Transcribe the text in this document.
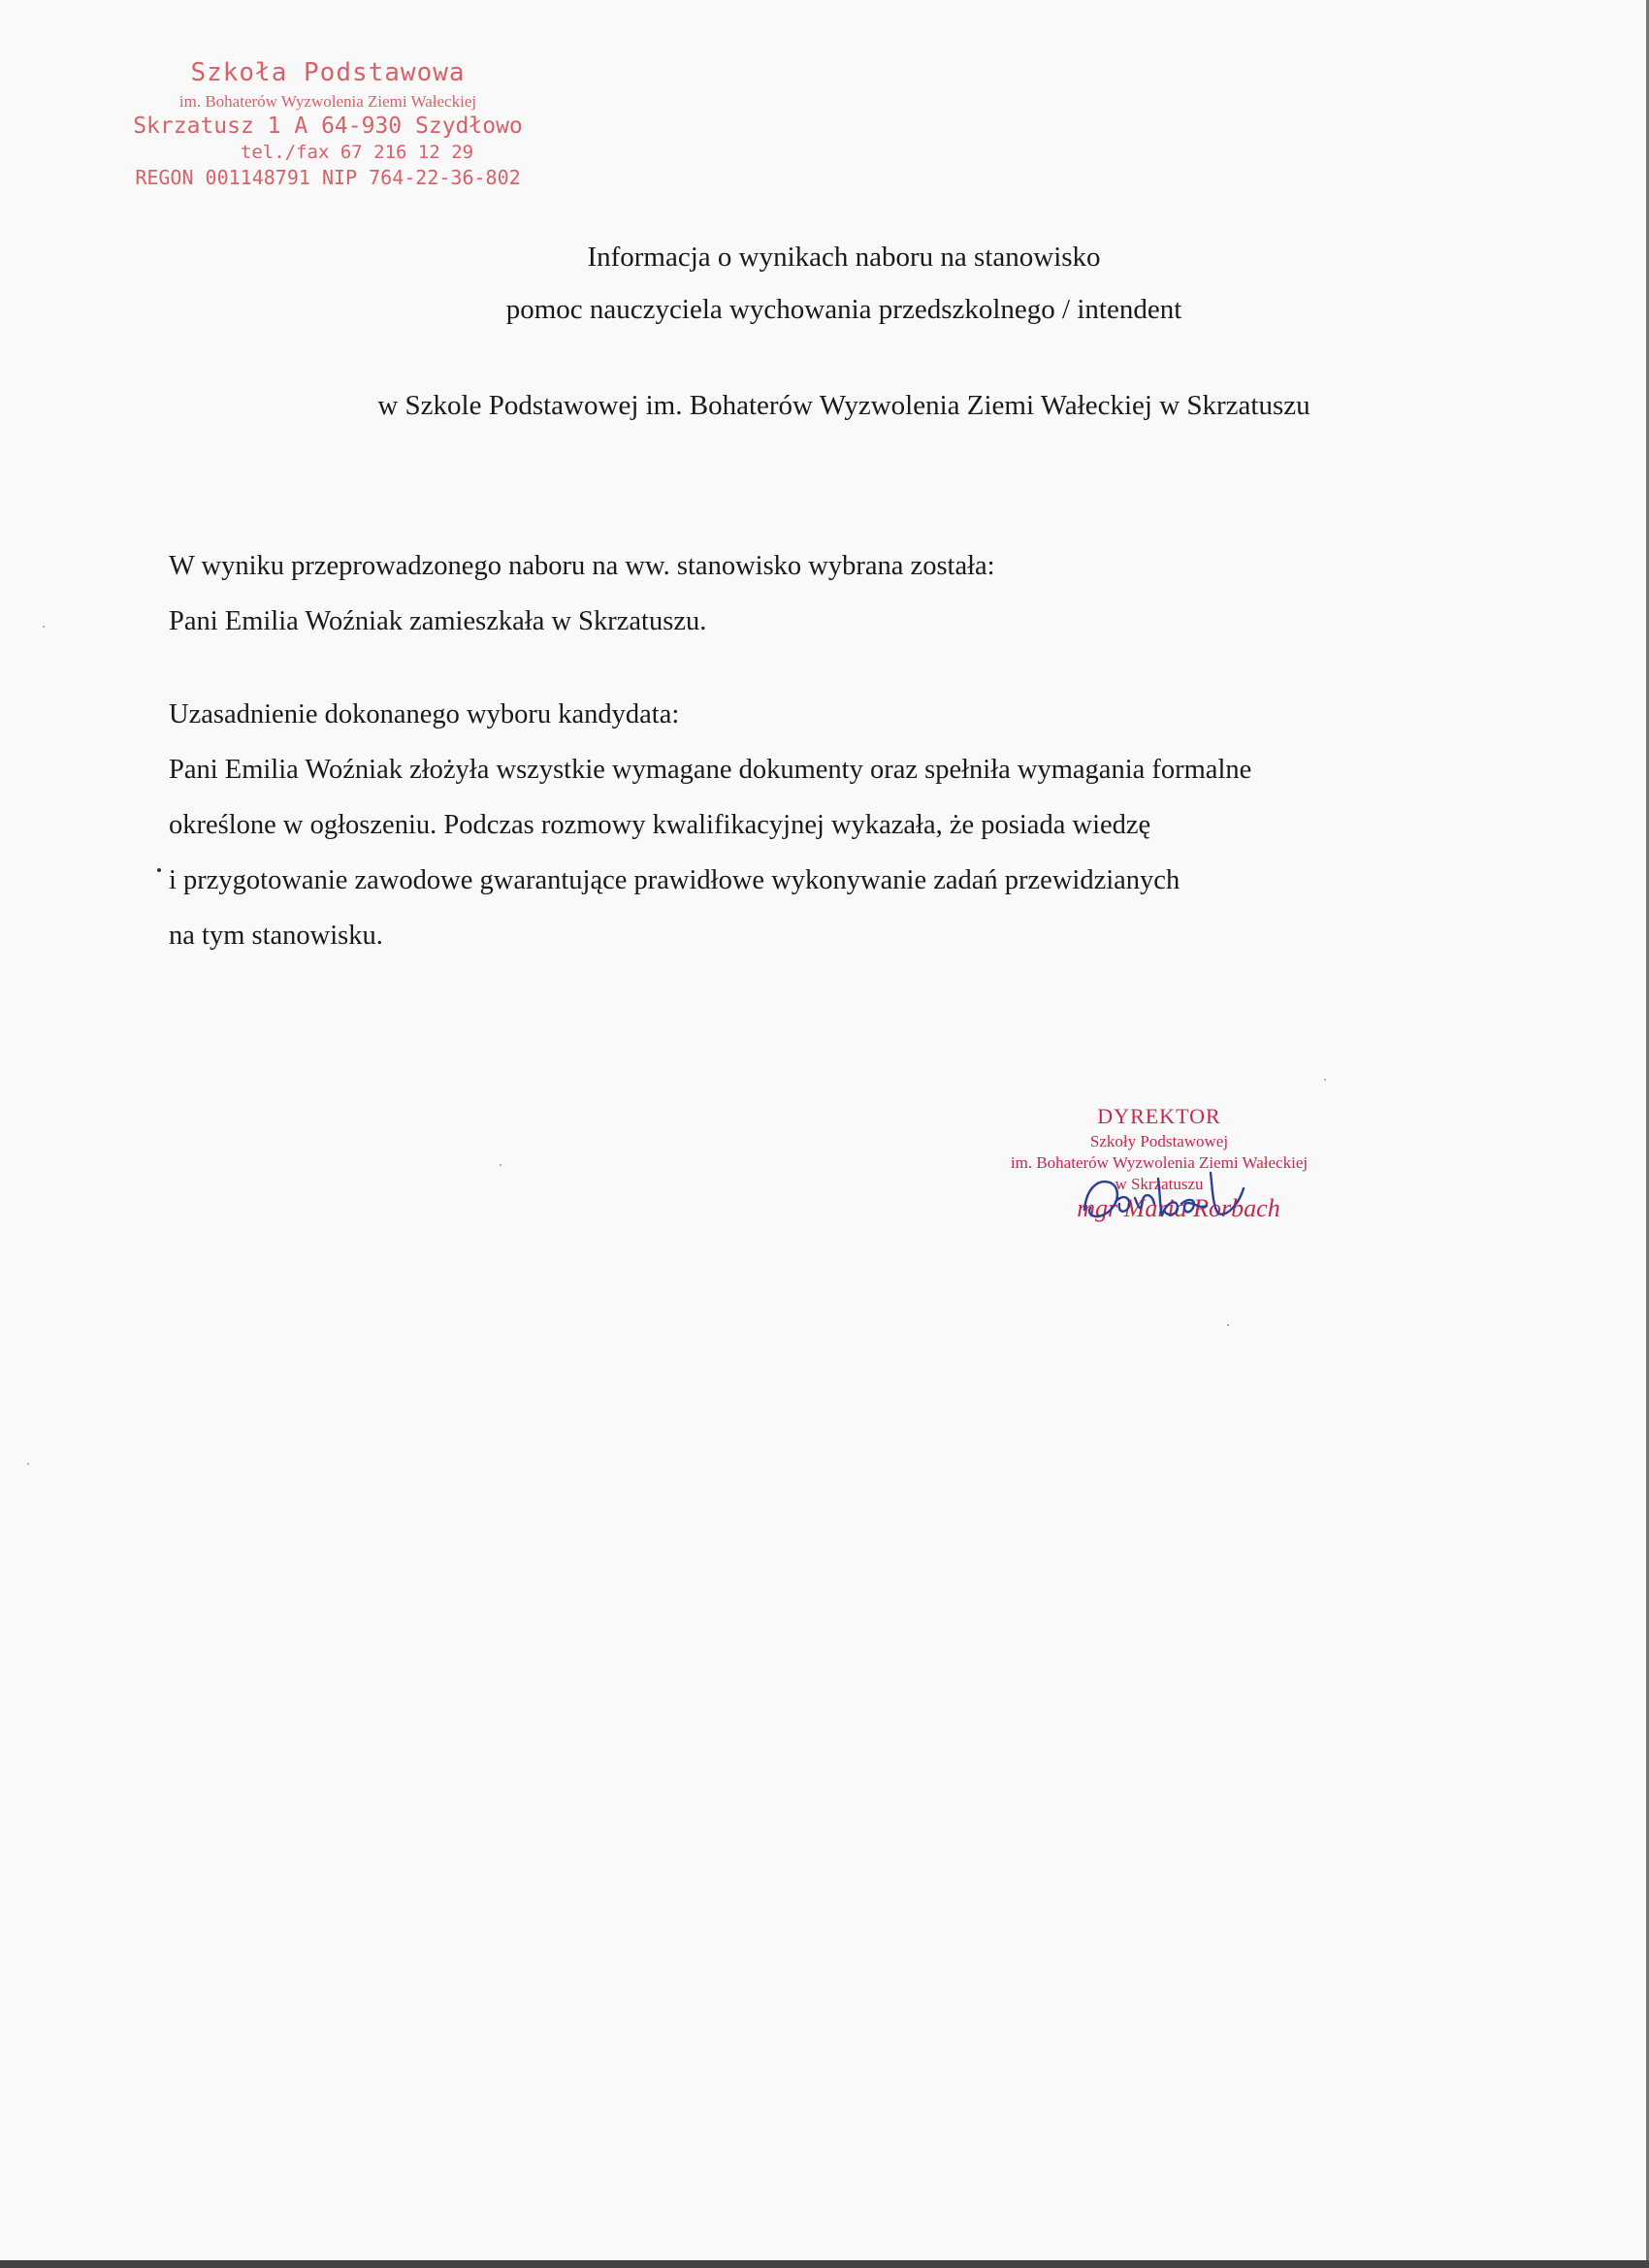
Szkoła Podstawowa
im. Bohaterów Wyzwolenia Ziemi Wałeckiej
Skrzatusz 1 A 64-930 Szydłowo
tel./fax 67 216 12 29
REGON 001148791 NIP 764-22-36-802
Informacja o wynikach naboru na stanowisko
pomoc nauczyciela wychowania przedszkolnego / intendent
w Szkole Podstawowej im. Bohaterów Wyzwolenia Ziemi Wałeckiej w Skrzatuszu
W wyniku przeprowadzonego naboru na ww. stanowisko wybrana została:
Pani Emilia Woźniak zamieszkała w Skrzatuszu.
Uzasadnienie dokonanego wyboru kandydata:
Pani Emilia Woźniak złożyła wszystkie wymagane dokumenty oraz spełniła wymagania formalne
określone w ogłoszeniu. Podczas rozmowy kwalifikacyjnej wykazała, że posiada wiedzę
i przygotowanie zawodowe gwarantujące prawidłowe wykonywanie zadań przewidzianych
na tym stanowisku.
DYREKTOR
Szkoły Podstawowej
im. Bohaterów Wyzwolenia Ziemi Wałeckiej
w Skrzatuszu
mgr Maria Rorbach
